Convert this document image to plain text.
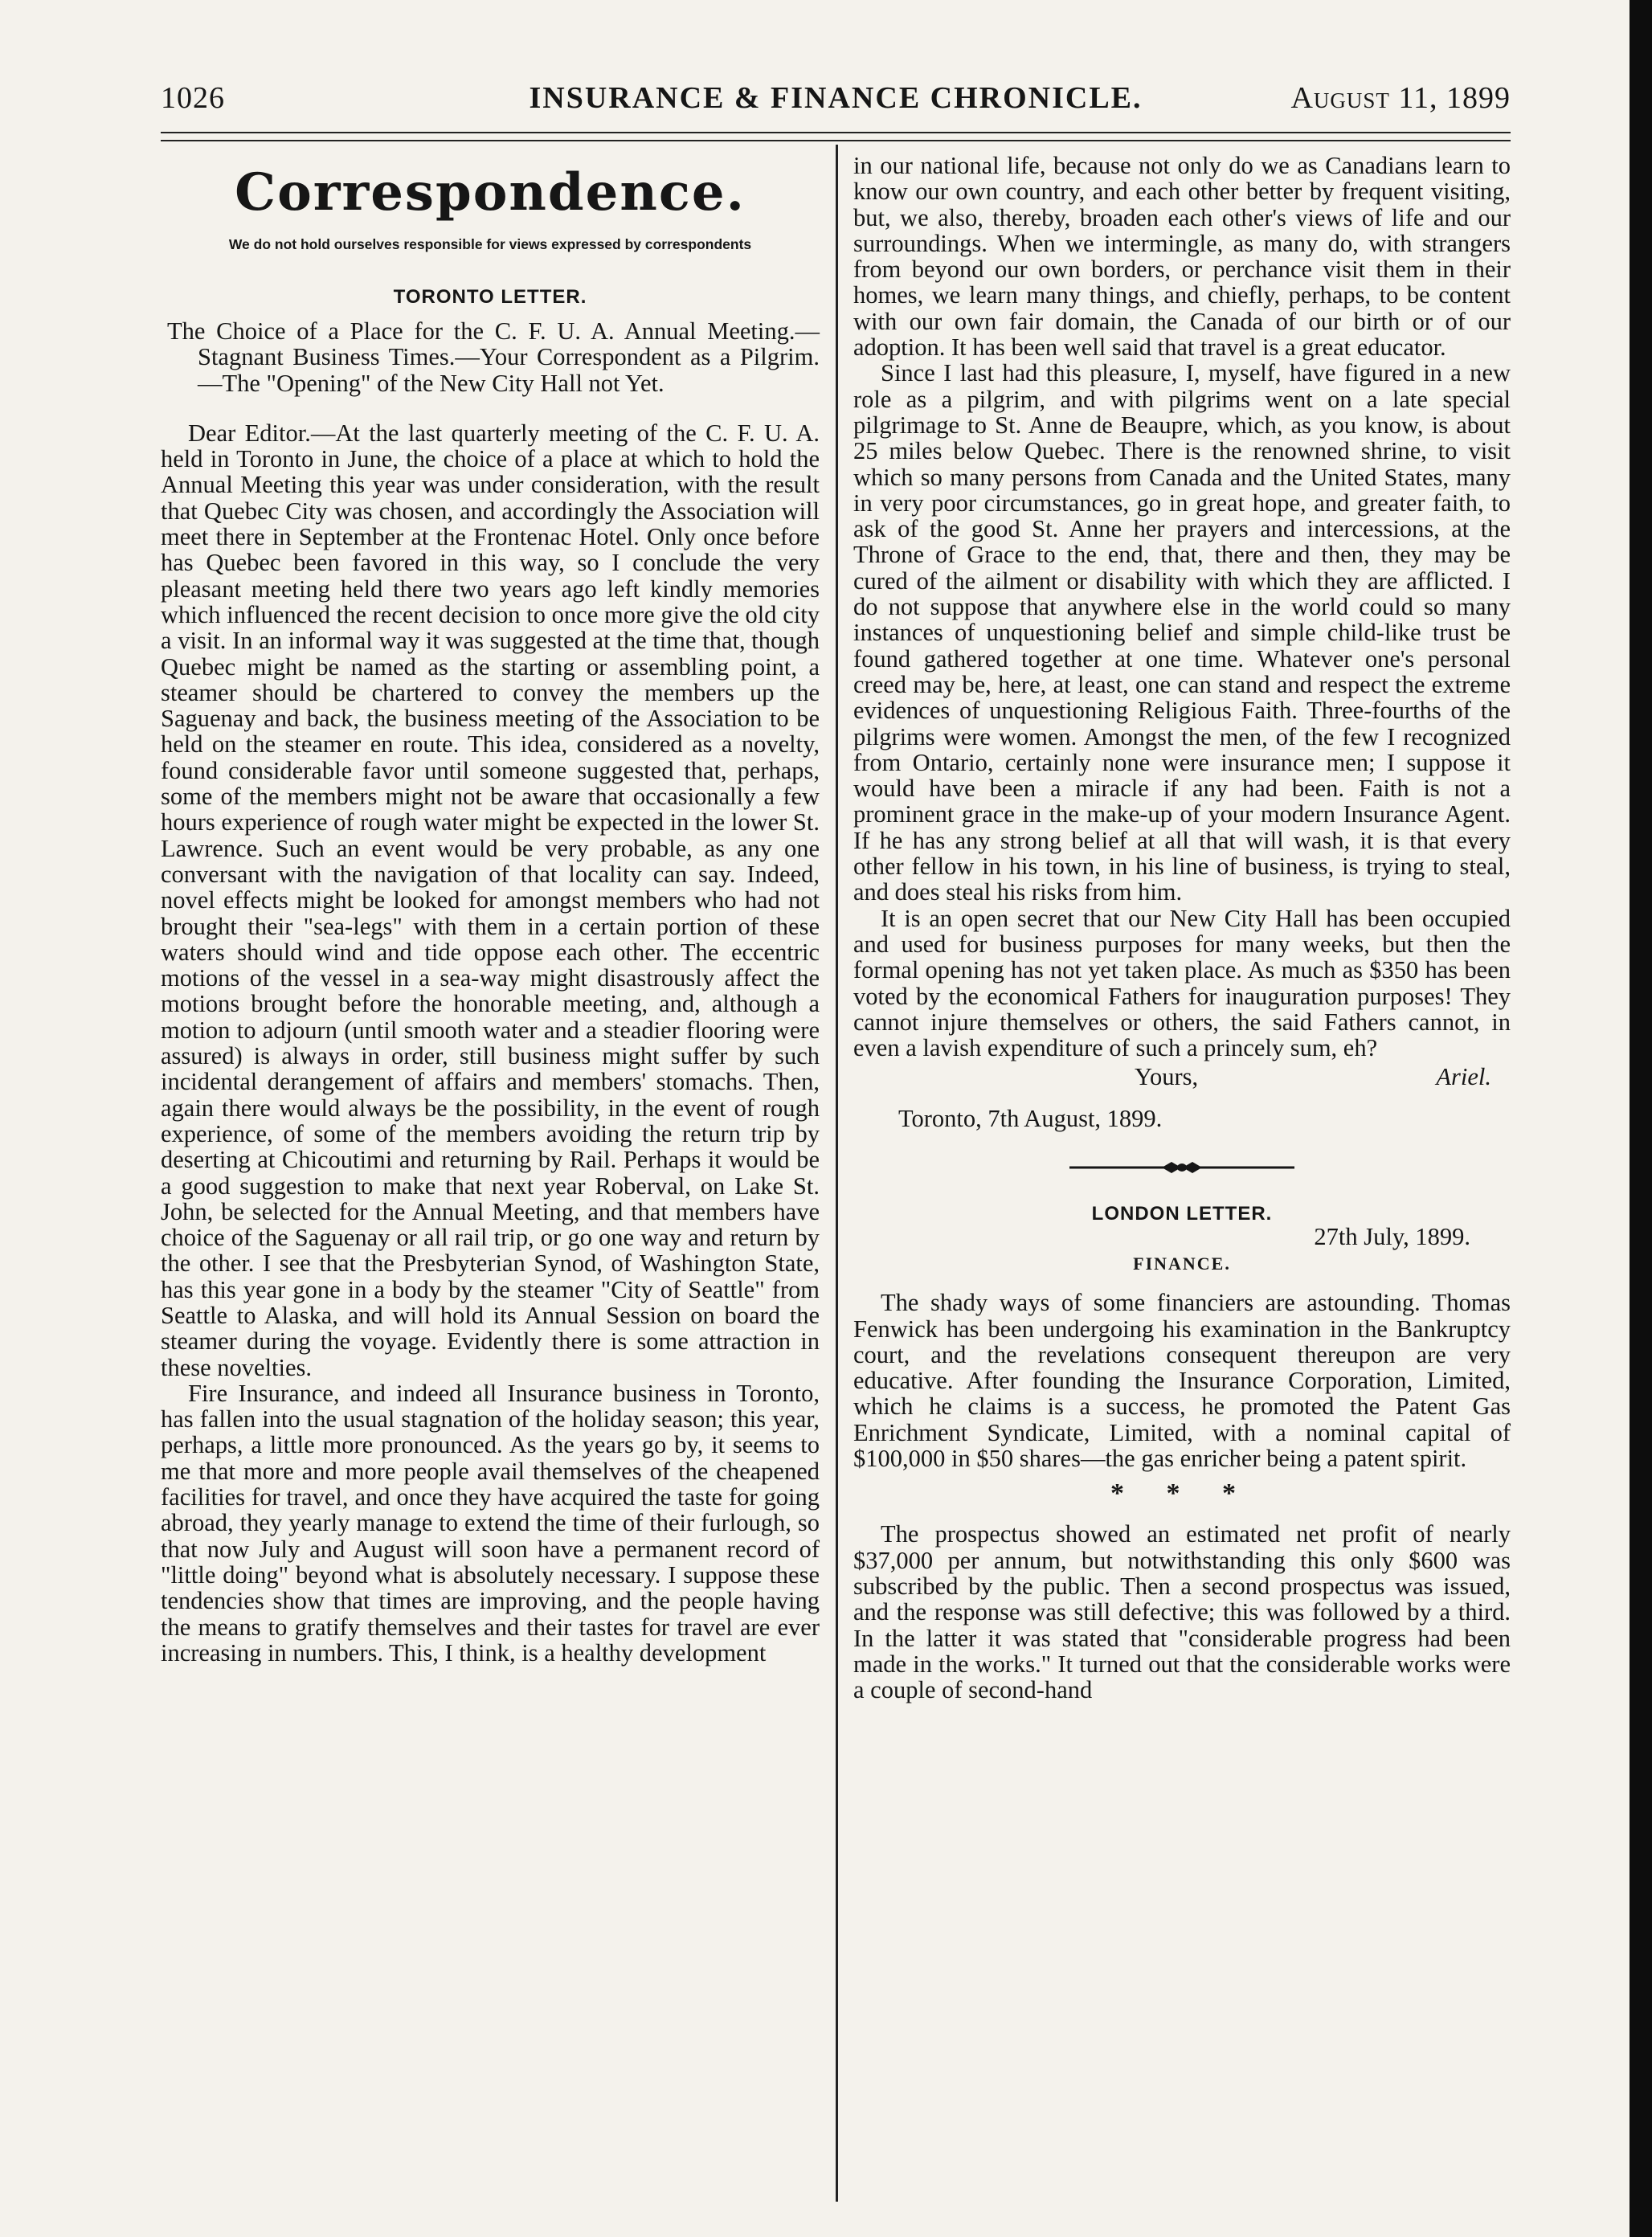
1026	INSURANCE & FINANCE CHRONICLE.	August 11, 1899
Correspondence.
We do not hold ourselves responsible for views expressed by correspondents
TORONTO LETTER.
The Choice of a Place for the C. F. U. A. Annual Meeting.—Stagnant Business Times.—Your Correspondent as a Pilgrim.—The "Opening" of the New City Hall not Yet.

Dear Editor.—At the last quarterly meeting of the C. F. U. A. held in Toronto in June, the choice of a place at which to hold the Annual Meeting this year was under consideration, with the result that Quebec City was chosen, and accordingly the Association will meet there in September at the Frontenac Hotel. Only once before has Quebec been favored in this way, so I conclude the very pleasant meeting held there two years ago left kindly memories which influenced the recent decision to once more give the old city a visit. In an informal way it was suggested at the time that, though Quebec might be named as the starting or assembling point, a steamer should be chartered to convey the members up the Saguenay and back, the business meeting of the Association to be held on the steamer en route. This idea, considered as a novelty, found considerable favor until someone suggested that, perhaps, some of the members might not be aware that occasionally a few hours experience of rough water might be expected in the lower St. Lawrence. Such an event would be very probable, as any one conversant with the navigation of that locality can say. Indeed, novel effects might be looked for amongst members who had not brought their "sea-legs" with them in a certain portion of these waters should wind and tide oppose each other. The eccentric motions of the vessel in a sea-way might disastrously affect the motions brought before the honorable meeting, and, although a motion to adjourn (until smooth water and a steadier flooring were assured) is always in order, still business might suffer by such incidental derangement of affairs and members' stomachs. Then, again there would always be the possibility, in the event of rough experience, of some of the members avoiding the return trip by deserting at Chicoutimi and returning by Rail. Perhaps it would be a good suggestion to make that next year Roberval, on Lake St. John, be selected for the Annual Meeting, and that members have choice of the Saguenay or all rail trip, or go one way and return by the other. I see that the Presbyterian Synod, of Washington State, has this year gone in a body by the steamer "City of Seattle" from Seattle to Alaska, and will hold its Annual Session on board the steamer during the voyage. Evidently there is some attraction in these novelties.

Fire Insurance, and indeed all Insurance business in Toronto, has fallen into the usual stagnation of the holiday season; this year, perhaps, a little more pronounced. As the years go by, it seems to me that more and more people avail themselves of the cheapened facilities for travel, and once they have acquired the taste for going abroad, they yearly manage to extend the time of their furlough, so that now July and August will soon have a permanent record of "little doing" beyond what is absolutely necessary. I suppose these tendencies show that times are improving, and the people having the means to gratify themselves and their tastes for travel are ever increasing in numbers. This, I think, is a healthy development

in our national life, because not only do we as Canadians learn to know our own country, and each other better by frequent visiting, but, we also, thereby, broaden each other's views of life and our surroundings. When we intermingle, as many do, with strangers from beyond our own borders, or perchance visit them in their homes, we learn many things, and chiefly, perhaps, to be content with our own fair domain, the Canada of our birth or of our adoption. It has been well said that travel is a great educator.

Since I last had this pleasure, I, myself, have figured in a new role as a pilgrim, and with pilgrims went on a late special pilgrimage to St. Anne de Beaupre, which, as you know, is about 25 miles below Quebec. There is the renowned shrine, to visit which so many persons from Canada and the United States, many in very poor circumstances, go in great hope, and greater faith, to ask of the good St. Anne her prayers and intercessions, at the Throne of Grace to the end, that, there and then, they may be cured of the ailment or disability with which they are afflicted. I do not suppose that anywhere else in the world could so many instances of unquestioning belief and simple child-like trust be found gathered together at one time. Whatever one's personal creed may be, here, at least, one can stand and respect the extreme evidences of unquestioning Religious Faith. Three-fourths of the pilgrims were women. Amongst the men, of the few I recognized from Ontario, certainly none were insurance men; I suppose it would have been a miracle if any had been. Faith is not a prominent grace in the make-up of your modern Insurance Agent. If he has any strong belief at all that will wash, it is that every other fellow in his town, in his line of business, is trying to steal, and does steal his risks from him.

It is an open secret that our New City Hall has been occupied and used for business purposes for many weeks, but then the formal opening has not yet taken place. As much as $350 has been voted by the economical Fathers for inauguration purposes! They cannot injure themselves or others, the said Fathers cannot, in even a lavish expenditure of such a princely sum, eh?

Yours,	Ariel.
Toronto, 7th August, 1899.
LONDON LETTER.
27th July, 1899.
FINANCE.

The shady ways of some financiers are astounding. Thomas Fenwick has been undergoing his examination in the Bankruptcy court, and the revelations consequent thereupon are very educative. After founding the Insurance Corporation, Limited, which he claims is a success, he promoted the Patent Gas Enrichment Syndicate, Limited, with a nominal capital of $100,000 in $50 shares—the gas enricher being a patent spirit.

* * *

The prospectus showed an estimated net profit of nearly $37,000 per annum, but notwithstanding this only $600 was subscribed by the public. Then a second prospectus was issued, and the response was still defective; this was followed by a third. In the latter it was stated that "considerable progress had been made in the works." It turned out that the considerable works were a couple of second-hand
